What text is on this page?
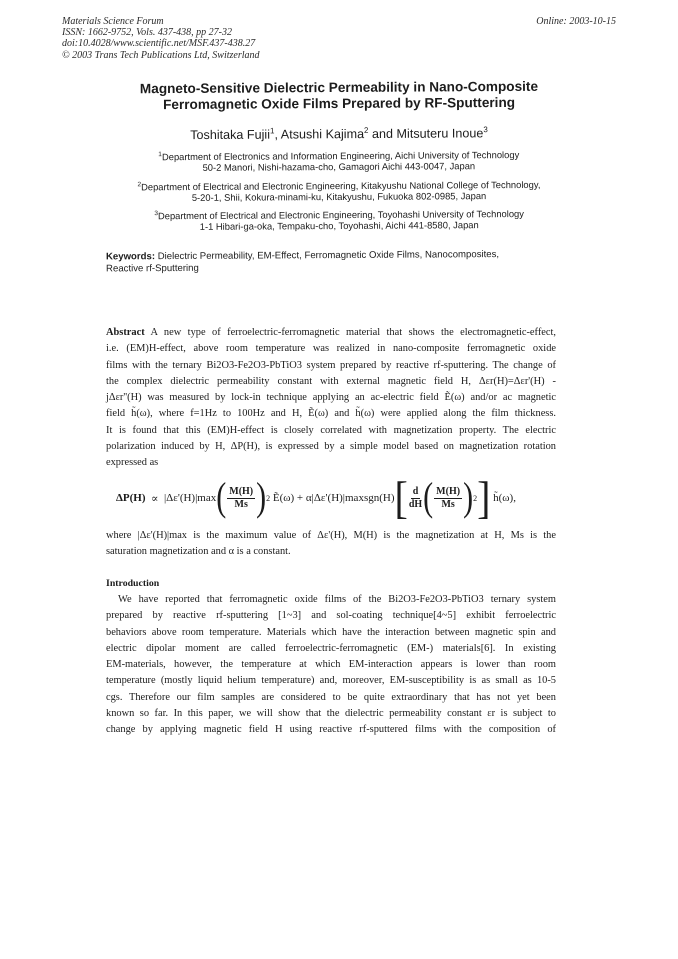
Materials Science Forum
ISSN: 1662-9752, Vols. 437-438, pp 27-32
doi:10.4028/www.scientific.net/MSF.437-438.27
© 2003 Trans Tech Publications Ltd, Switzerland
Online: 2003-10-15
Magneto-Sensitive Dielectric Permeability in Nano-Composite
Ferromagnetic Oxide Films Prepared by RF-Sputtering
Toshitaka Fujii$^1$, Atsushi Kajima$^2$ and Mitsuteru Inoue$^3$
$^1$Department of Electronics and Information Engineering, Aichi University of Technology
50-2 Manori, Nishi-hazama-cho, Gamagori Aichi 443-0047, Japan
$^2$Department of Electrical and Electronic Engineering, Kitakyushu National College of Technology,
5-20-1, Shii, Kokura-minami-ku, Kitakyushu, Fukuoka 802-0985, Japan
$^3$Department of Electrical and Electronic Engineering, Toyohashi University of Technology
1-1 Hibari-ga-oka, Tempaku-cho, Toyohashi, Aichi 441-8580, Japan
Keywords: Dielectric Permeability, EM-Effect, Ferromagnetic Oxide Films, Nanocomposites,
Reactive rf-Sputtering
Abstract A new type of ferroelectric-ferromagnetic material that shows the electromagnetic-effect,
i.e. (EM)H-effect, above room temperature was realized in nano-composite ferromagnetic oxide
films with the ternary Bi2O3-Fe2O3-PbTiO3 system prepared by reactive rf-sputtering. The change of
the complex dielectric permeability constant with external magnetic field H, Δεr(H)=Δεr'(H) -
jΔεr''(H) was measured by lock-in technique applying an ac-electric field Ẽ(ω) and/or ac magnetic
field h̃(ω), where f=1Hz to 100Hz and H, Ẽ(ω) and h̃(ω) were applied along the film thickness.
It is found that this (EM)H-effect is closely correlated with magnetization property. The electric
polarization induced by H, ΔP(H), is expressed by a simple model based on magnetization rotation
expressed as
ΔP(H)
∝
|Δε'(H)|max ( $\frac{M(H)}{Ms}$ ) 2
Ẽ(ω) + α |Δε'(H)|maxsgn(H) [ $\frac{d}{dH}$ ( $\frac{M(H)}{Ms}$ ) 2 ]
h̃(ω),
where |Δε'(H)|max is the maximum value of Δε'(H), M(H) is the magnetization at H, Ms is the
saturation magnetization and α is a constant.
Introduction
We have reported that ferromagnetic oxide films of the Bi2O3-Fe2O3-PbTiO3 ternary system
prepared by reactive rf-sputtering [1~3] and sol-coating technique[4~5] exhibit ferroelectric
behaviors above room temperature. Materials which have the interaction between magnetic spin and
electric dipolar moment are called ferroelectric-ferromagnetic (EM-) materials[6]. In existing
EM-materials, however, the temperature at which EM-interaction appears is lower than room
temperature (mostly liquid helium temperature) and, moreover, EM-susceptibility is as small as 10-5
cgs. Therefore our film samples are considered to be quite extraordinary that has not yet been
known so far. In this paper, we will show that the dielectric permeability constant εr is subject to
change by applying magnetic field H using reactive rf-sputtered films with the composition of
